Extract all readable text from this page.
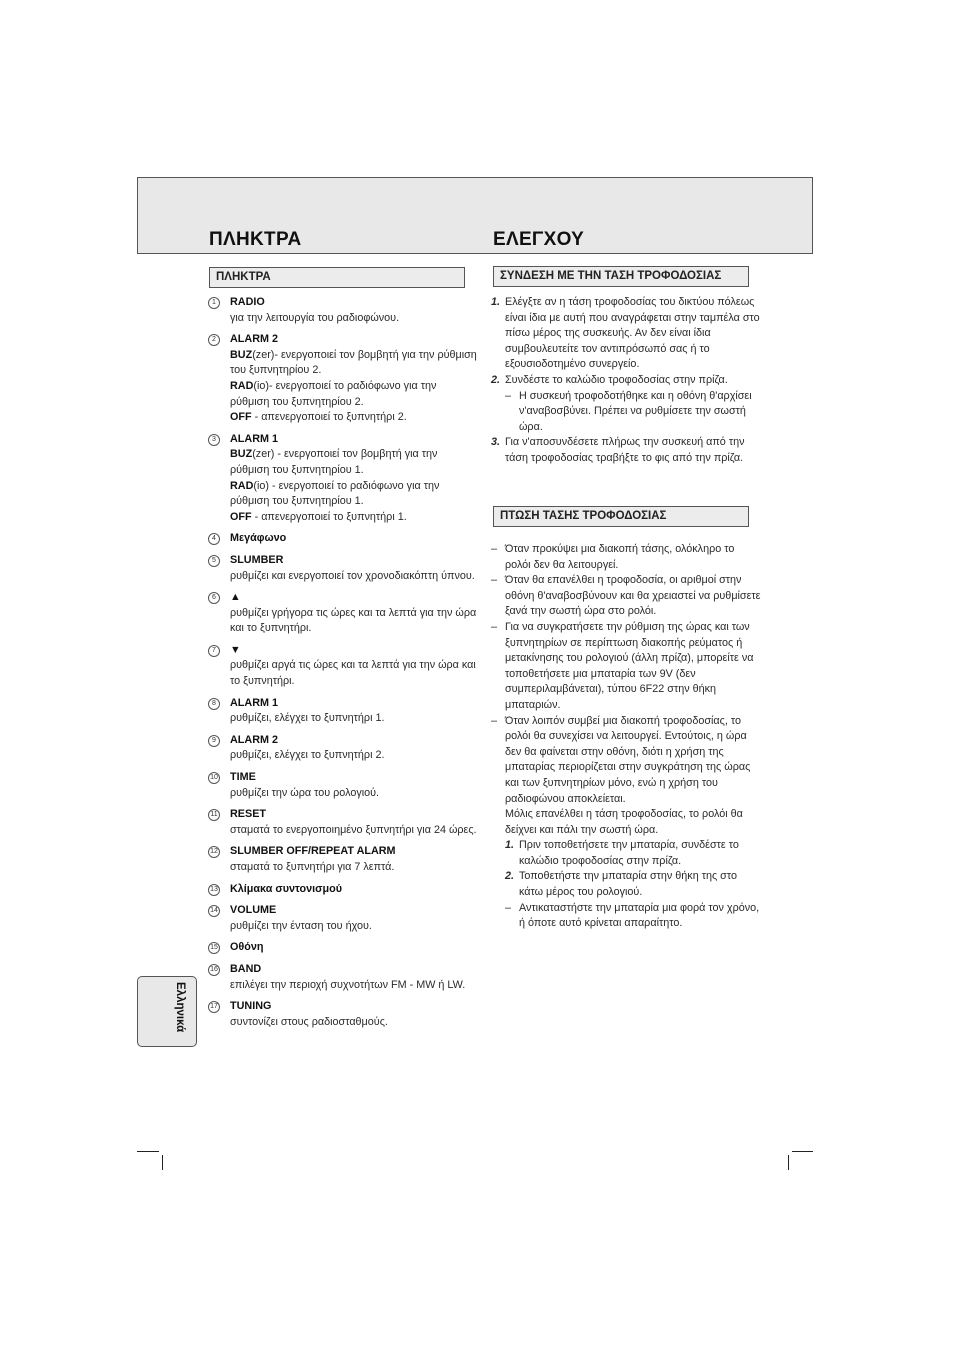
ΠΛΗΚΤΡΑ	ΕΛΕΓΧΟΥ
ΠΛΗΚΤΡΑ
1	RADIO
για την λειτουργία του ραδιοφώνου.
2	ALARM 2
BUZ(zer)- ενεργοποιεί τον βομβητή για την ρύθμιση του ξυπνητηρίου 2.
RAD(io)- ενεργοποιεί το ραδιόφωνο για την ρύθμιση του ξυπνητηρίου 2.
OFF - απενεργοποιεί το ξυπνητήρι 2.
3	ALARM 1
BUZ(zer) - ενεργοποιεί τον βομβητή για την ρύθμιση του ξυπνητηρίου 1.
RAD(io) - ενεργοποιεί το ραδιόφωνο για την ρύθμιση του ξυπνητηρίου 1.
OFF - απενεργοποιεί το ξυπνητήρι 1.
4	Μεγάφωνο
5	SLUMBER
ρυθμίζει και ενεργοποιεί τον χρονοδιακόπτη ύπνου.
6	▲
ρυθμίζει γρήγορα τις ώρες και τα λεπτά για την ώρα και το ξυπνητήρι.
7	▼
ρυθμίζει αργά τις ώρες και τα λεπτά για την ώρα και το ξυπνητήρι.
8	ALARM 1
ρυθμίζει, ελέγχει το ξυπνητήρι 1.
9	ALARM 2
ρυθμίζει, ελέγχει το ξυπνητήρι 2.
10 TIME
ρυθμίζει την ώρα του ρολογιού.
11 RESET
σταματά το ενεργοποιημένο ξυπνητήρι για 24 ώρες.
12 SLUMBER OFF/REPEAT ALARM
σταματά το ξυπνητήρι για 7 λεπτά.
13 Κλίμακα συντονισμού
14 VOLUME
ρυθμίζει την ένταση του ήχου.
15 Οθόνη
16 BAND
επιλέγει την περιοχή συχνοτήτων FM - MW ή LW.
17 TUNING
συντονίζει στους ραδιοσταθμούς.
ΣΥΝΔΕΣΗ ΜΕ ΤΗΝ ΤΑΣΗ ΤΡΟΦΟΔΟΣΙΑΣ
1. Ελέγξτε αν η τάση τροφοδοσίας του δικτύου πόλεως είναι ίδια με αυτή που αναγράφεται στην ταμπέλα στο πίσω μέρος της συσκευής. Αν δεν είναι ίδια συμβουλευτείτε τον αντιπρόσωπό σας ή το εξουσιοδοτημένο συνεργείο.
2. Συνδέστε το καλώδιο τροφοδοσίας στην πρίζα.
– Η συσκευή τροφοδοτήθηκε και η οθόνη θ'αρχίσει ν'αναβοσβύνει. Πρέπει να ρυθμίσετε την σωστή ώρα.
3. Για ν'αποσυνδέσετε πλήρως την συσκευή από την τάση τροφοδοσίας τραβήξτε το φις από την πρίζα.
ΠΤΩΣΗ ΤΑΣΗΣ ΤΡΟΦΟΔΟΣΙΑΣ
– Όταν προκύψει μια διακοπή τάσης, ολόκληρο το ρολόι δεν θα λειτουργεί.
– Όταν θα επανέλθει η τροφοδοσία, οι αριθμοί στην οθόνη θ'αναβοσβύνουν και θα χρειαστεί να ρυθμίσετε ξανά την σωστή ώρα στο ρολόι.
– Για να συγκρατήσετε την ρύθμιση της ώρας και των ξυπνητηρίων σε περίπτωση διακοπής ρεύματος ή μετακίνησης του ρολογιού (άλλη πρίζα), μπορείτε να τοποθετήσετε μια μπαταρία των 9V (δεν συμπεριλαμβάνεται), τύπου 6F22 στην θήκη μπαταριών.
– Όταν λοιπόν συμβεί μια διακοπή τροφοδοσίας, το ρολόι θα συνεχίσει να λειτουργεί. Εντούτοις, η ώρα δεν θα φαίνεται στην οθόνη, διότι η χρήση της μπαταρίας περιορίζεται στην συγκράτηση της ώρας και των ξυπνητηρίων μόνο, ενώ η χρήση του ραδιοφώνου αποκλείεται.
Μόλις επανέλθει η τάση τροφοδοσίας, το ρολόι θα δείχνει και πάλι την σωστή ώρα.
1. Πριν τοποθετήσετε την μπαταρία, συνδέστε το καλώδιο τροφοδοσίας στην πρίζα.
2. Τοποθετήστε την μπαταρία στην θήκη της στο κάτω μέρος του ρολογιού.
– Αντικαταστήστε την μπαταρία μια φορά τον χρόνο, ή όποτε αυτό κρίνεται απαραίτητο.
Ελληνικά
